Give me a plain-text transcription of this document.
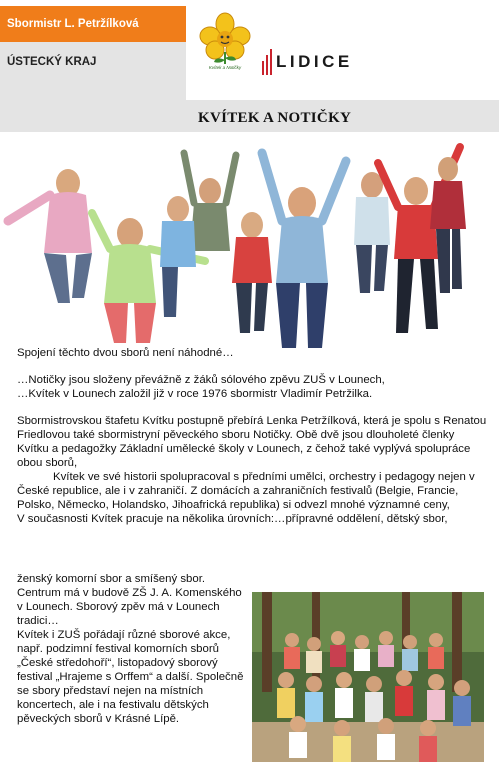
Sbormistr L. Petržílková
ÚSTECKÝ KRAJ	Kvítek a Notičky LIDICE
KVÍTEK A NOTIČKY

Spojení těchto dvou sborů není náhodné…

…Notičky jsou složeny převážně z žáků sólového zpěvu ZUŠ v Lounech,

…Kvítek v Lounech založil již v roce 1976 sbormistr Vladimír Petržilka.

Sbormistrovskou štafetu Kvítku postupně přebírá Lenka Petržílková, která je spolu s Renatou Friedlovou také sbormistryní pěveckého sboru Notičky. Obě dvě jsou dlouholeté členky Kvítku a pedagožky Základní umělecké školy v Lounech, z čehož také vyplývá spolupráce obou sborů,

Kvítek ve své historii spolupracoval s předními umělci, orchestry i pedagogy nejen v České republice, ale i v zahraničí. Z domácích a zahraničních festivalů (Belgie, Francie, Polsko, Německo, Holandsko, Jihoafrická republika) si odvezl mnohé významné ceny,

V současnosti Kvítek pracuje na několika úrovních:…přípravné oddělení, dětský sbor,

ženský komorní sbor a smíšený sbor. Centrum má v budově ZŠ J. A. Komenského v Lounech. Sborový zpěv má v Lounech tradici…

Kvítek i ZUŠ pořádají různé sborové akce, např. podzimní festival komorních sborů „České středohoří“, listopadový sborový festival „Hrajeme s Orffem“ a další. Společně se sbory představí nejen na místních koncertech, ale i na festivalu dětských pěveckých sborů v Krásné Lípě.
